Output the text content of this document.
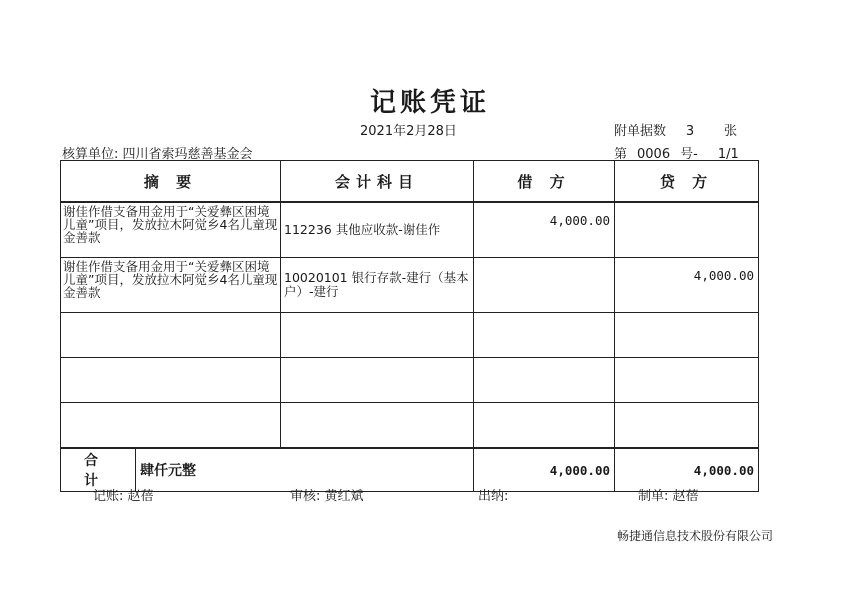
记账凭证
2021年2月28日	附单据数 3 张
核算单位: 四川省索玛慈善基金会	第 0006 号- 1/1
摘 要		会计科目	借 方	贷 方
谢佳作借支备用金用于“关爱彝区困境儿童”项目，发放拉木阿觉乡4名儿童现金善款		112236 其他应收款-谢佳作	4,000.00	
谢佳作借支备用金用于“关爱彝区困境儿童”项目，发放拉木阿觉乡4名儿童现金善款		10020101 银行存款-建行（基本户）-建行		4,000.00

合 计	肆仟元整		4,000.00	4,000.00
记账: 赵蓓	审核: 黄红斌	出纳:	制单: 赵蓓
畅捷通信息技术股份有限公司
